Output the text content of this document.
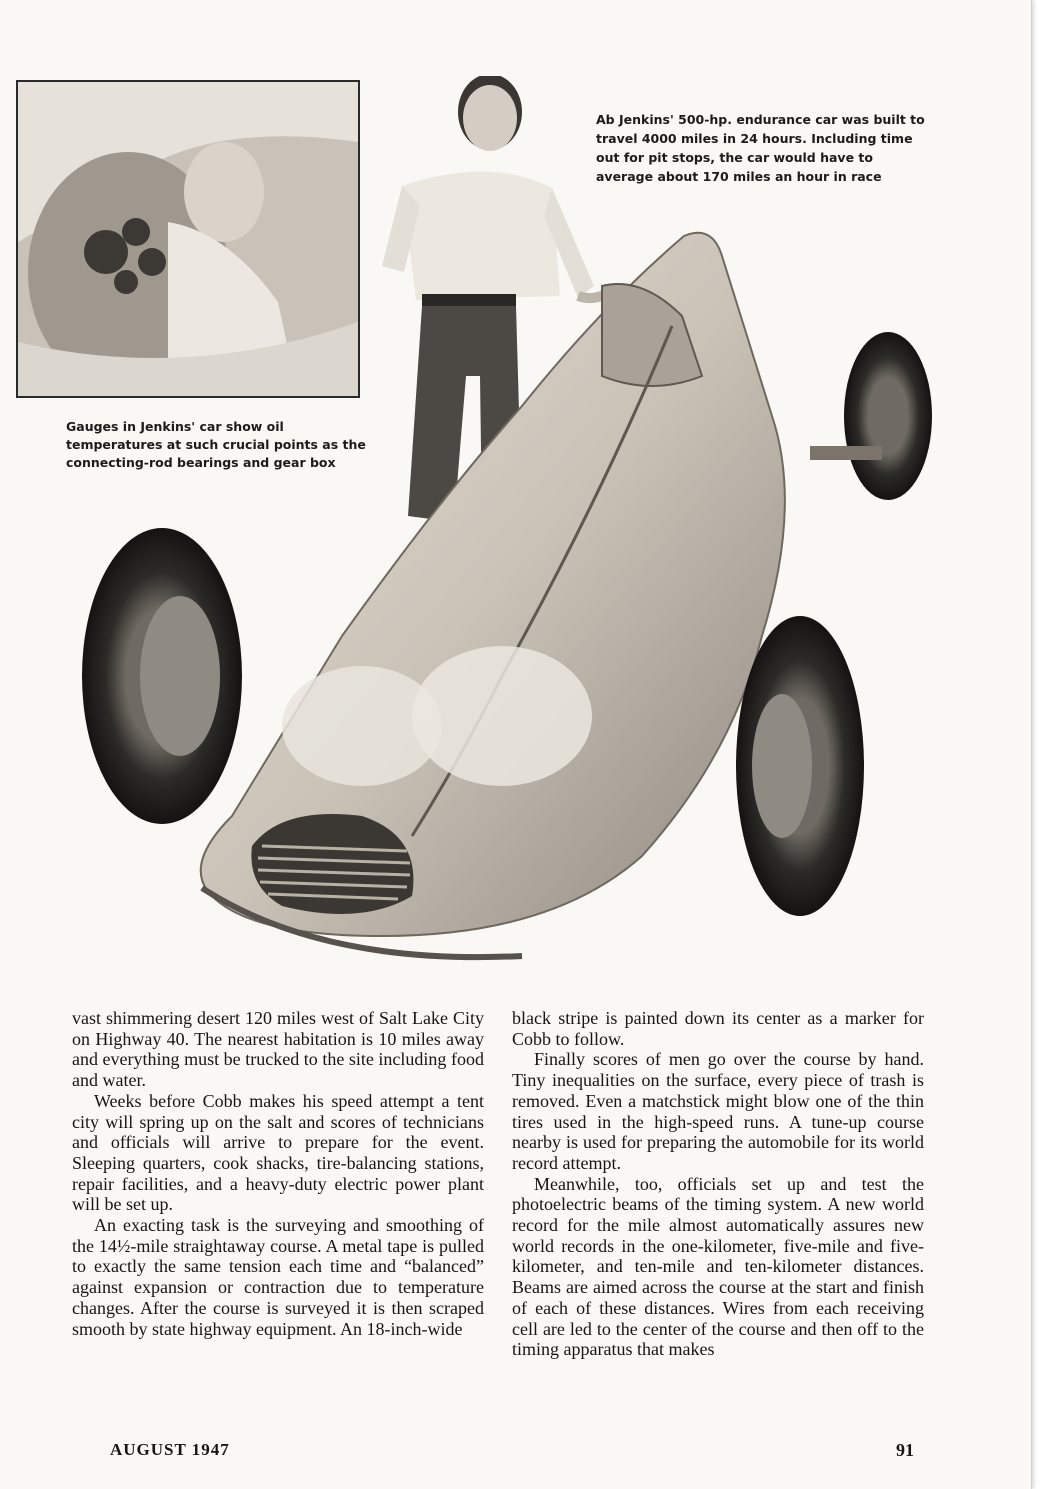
Gauges in Jenkins' car show oil temperatures at such crucial points as the connecting-rod bearings and gear box

Ab Jenkins' 500-hp. endurance car was built to travel 4000 miles in 24 hours. Including time out for pit stops, the car would have to average about 170 miles an hour in race

vast shimmering desert 120 miles west of Salt Lake City on Highway 40. The nearest habitation is 10 miles away and everything must be trucked to the site including food and water.

Weeks before Cobb makes his speed attempt a tent city will spring up on the salt and scores of technicians and officials will arrive to prepare for the event. Sleeping quarters, cook shacks, tire-balancing stations, repair facilities, and a heavy-duty electric power plant will be set up.

An exacting task is the surveying and smoothing of the 14½-mile straightaway course. A metal tape is pulled to exactly the same tension each time and “balanced” against expansion or contraction due to temperature changes. After the course is surveyed it is then scraped smooth by state highway equipment. An 18-inch-wide

black stripe is painted down its center as a marker for Cobb to follow.

Finally scores of men go over the course by hand. Tiny inequalities on the surface, every piece of trash is removed. Even a matchstick might blow one of the thin tires used in the high-speed runs. A tune-up course nearby is used for preparing the automobile for its world record attempt.

Meanwhile, too, officials set up and test the photoelectric beams of the timing system. A new world record for the mile almost automatically assures new world records in the one-kilometer, five-mile and five-kilometer, and ten-mile and ten-kilometer distances. Beams are aimed across the course at the start and finish of each of these distances. Wires from each receiving cell are led to the center of the course and then off to the timing apparatus that makes

AUGUST 1947	91
